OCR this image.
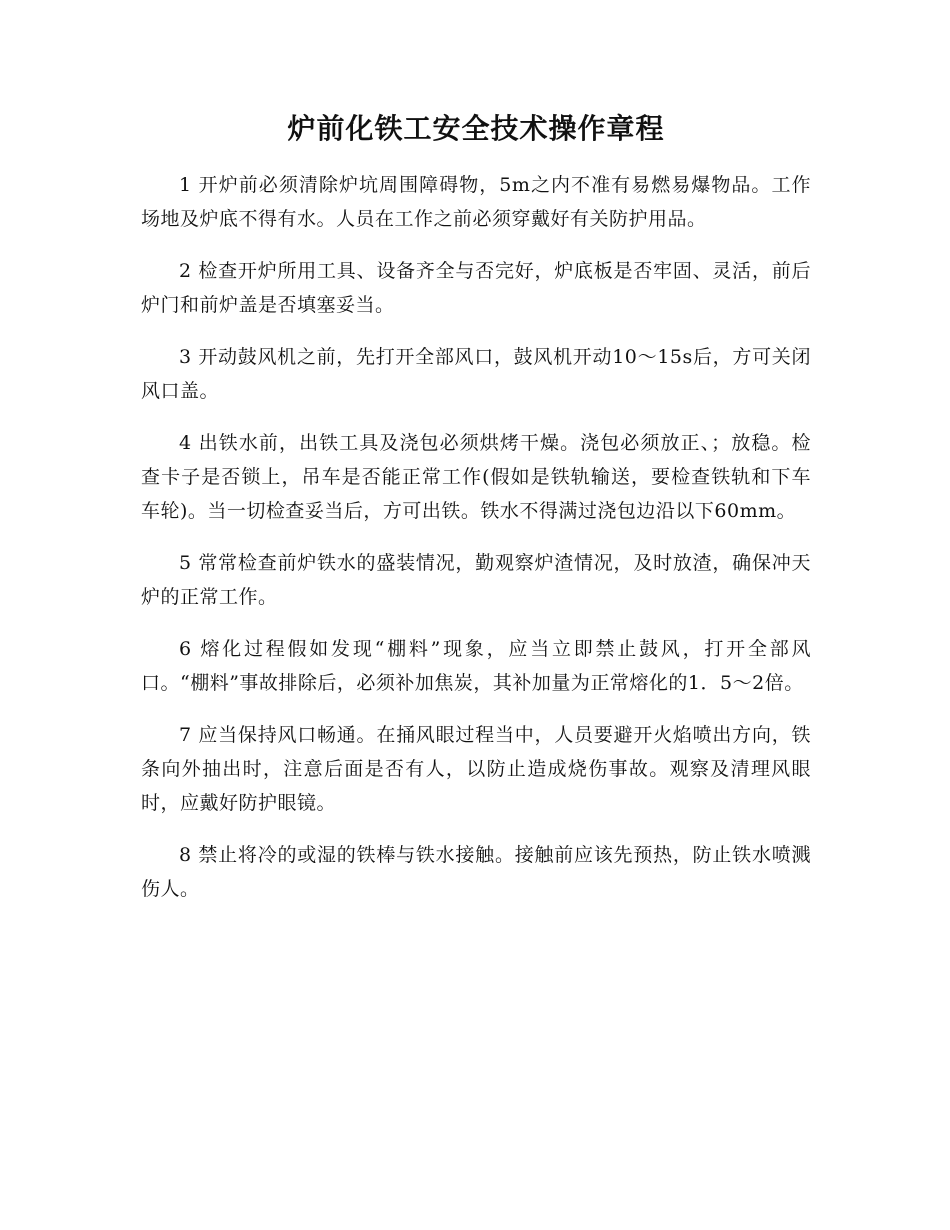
炉前化铁工安全技术操作章程

1 开炉前必须清除炉坑周围障碍物，5m之内不准有易燃易爆物品。工作场地及炉底不得有水。人员在工作之前必须穿戴好有关防护用品。

2 检查开炉所用工具、设备齐全与否完好，炉底板是否牢固、灵活，前后炉门和前炉盖是否填塞妥当。

3 开动鼓风机之前，先打开全部风口，鼓风机开动10～15s后，方可关闭风口盖。

4 出铁水前，出铁工具及浇包必须烘烤干燥。浇包必须放正、；放稳。检查卡子是否锁上，吊车是否能正常工作(假如是铁轨输送，要检查铁轨和下车车轮)。当一切检查妥当后，方可出铁。铁水不得满过浇包边沿以下60mm。

5 常常检查前炉铁水的盛装情况，勤观察炉渣情况，及时放渣，确保冲天炉的正常工作。

6 熔化过程假如发现“棚料”现象，应当立即禁止鼓风，打开全部风口。“棚料”事故排除后，必须补加焦炭，其补加量为正常熔化的1．5～2倍。

7 应当保持风口畅通。在捅风眼过程当中，人员要避开火焰喷出方向，铁条向外抽出时，注意后面是否有人，以防止造成烧伤事故。观察及清理风眼时，应戴好防护眼镜。

8 禁止将冷的或湿的铁棒与铁水接触。接触前应该先预热，防止铁水喷溅伤人。
